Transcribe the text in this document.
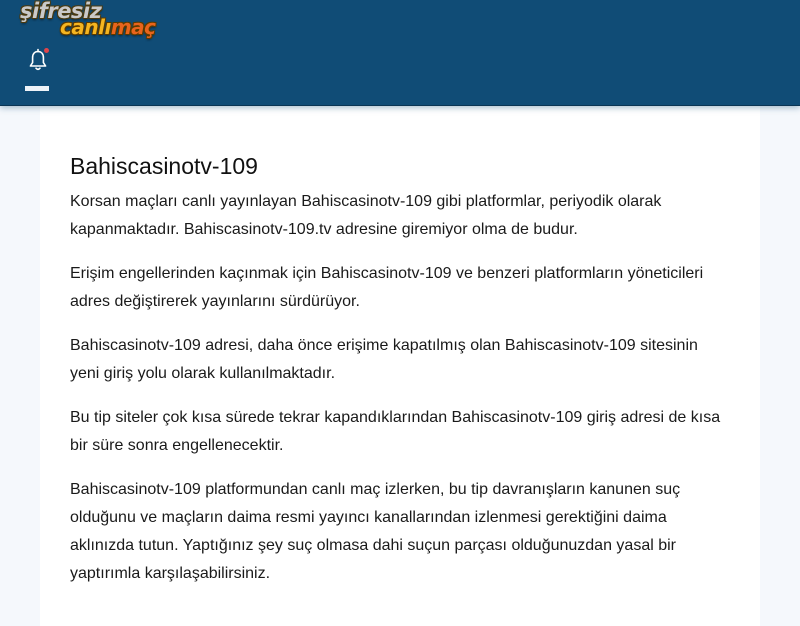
şifresiz
canlımaç
Bahiscasinotv-109

Korsan maçları canlı yayınlayan Bahiscasinotv-109 gibi platformlar, periyodik olarak kapanmaktadır. Bahiscasinotv-109.tv adresine giremiyor olma de budur.

Erişim engellerinden kaçınmak için Bahiscasinotv-109 ve benzeri platformların yöneticileri adres değiştirerek yayınlarını sürdürüyor.

Bahiscasinotv-109 adresi, daha önce erişime kapatılmış olan Bahiscasinotv-109 sitesinin yeni giriş yolu olarak kullanılmaktadır.

Bu tip siteler çok kısa sürede tekrar kapandıklarından Bahiscasinotv-109 giriş adresi de kısa bir süre sonra engellenecektir.

Bahiscasinotv-109 platformundan canlı maç izlerken, bu tip davranışların kanunen suç olduğunu ve maçların daima resmi yayıncı kanallarından izlenmesi gerektiğini daima aklınızda tutun. Yaptığınız şey suç olmasa dahi suçun parçası olduğunuzdan yasal bir yaptırımla karşılaşabilirsiniz.
